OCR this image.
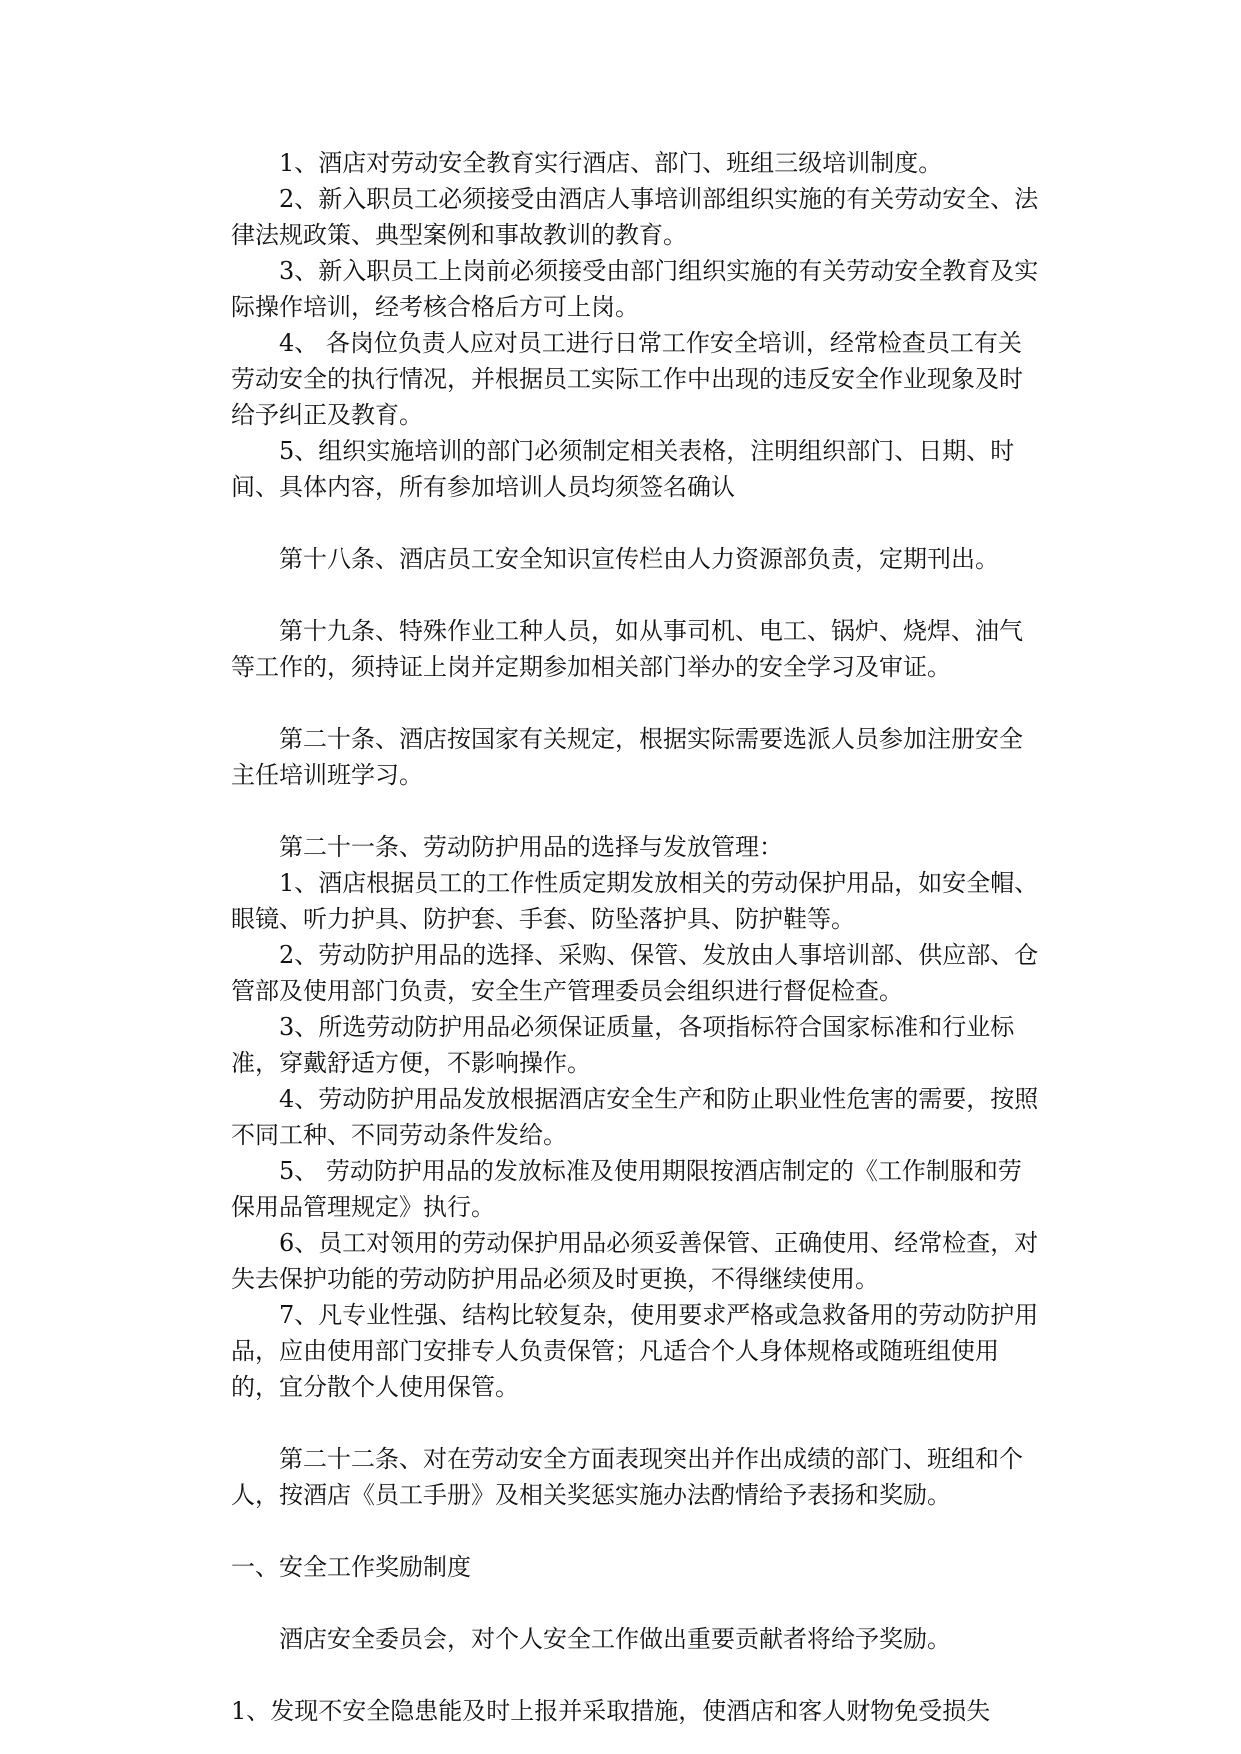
1、酒店对劳动安全教育实行酒店、部门、班组三级培训制度。

2、新入职员工必须接受由酒店人事培训部组织实施的有关劳动安全、法律法规政策、典型案例和事故教训的教育。

3、新入职员工上岗前必须接受由部门组织实施的有关劳动安全教育及实际操作培训，经考核合格后方可上岗。

4、 各岗位负责人应对员工进行日常工作安全培训，经常检查员工有关劳动安全的执行情况，并根据员工实际工作中出现的违反安全作业现象及时给予纠正及教育。

5、组织实施培训的部门必须制定相关表格，注明组织部门、日期、时间、具体内容，所有参加培训人员均须签名确认

第十八条、酒店员工安全知识宣传栏由人力资源部负责，定期刊出。

第十九条、特殊作业工种人员，如从事司机、电工、锅炉、烧焊、油气等工作的，须持证上岗并定期参加相关部门举办的安全学习及审证。

第二十条、酒店按国家有关规定，根据实际需要选派人员参加注册安全主任培训班学习。

第二十一条、劳动防护用品的选择与发放管理：

1、酒店根据员工的工作性质定期发放相关的劳动保护用品，如安全帽、眼镜、听力护具、防护套、手套、防坠落护具、防护鞋等。

2、劳动防护用品的选择、采购、保管、发放由人事培训部、供应部、仓管部及使用部门负责，安全生产管理委员会组织进行督促检查。

3、所选劳动防护用品必须保证质量，各项指标符合国家标准和行业标准，穿戴舒适方便，不影响操作。

4、劳动防护用品发放根据酒店安全生产和防止职业性危害的需要，按照不同工种、不同劳动条件发给。

5、 劳动防护用品的发放标准及使用期限按酒店制定的《工作制服和劳保用品管理规定》执行。

6、员工对领用的劳动保护用品必须妥善保管、正确使用、经常检查，对失去保护功能的劳动防护用品必须及时更换，不得继续使用。

7、凡专业性强、结构比较复杂，使用要求严格或急救备用的劳动防护用品，应由使用部门安排专人负责保管；凡适合个人身体规格或随班组使用的，宜分散个人使用保管。

第二十二条、对在劳动安全方面表现突出并作出成绩的部门、班组和个人，按酒店《员工手册》及相关奖惩实施办法酌情给予表扬和奖励。

一、安全工作奖励制度

酒店安全委员会，对个人安全工作做出重要贡献者将给予奖励。

1、发现不安全隐患能及时上报并采取措施，使酒店和客人财物免受损失
